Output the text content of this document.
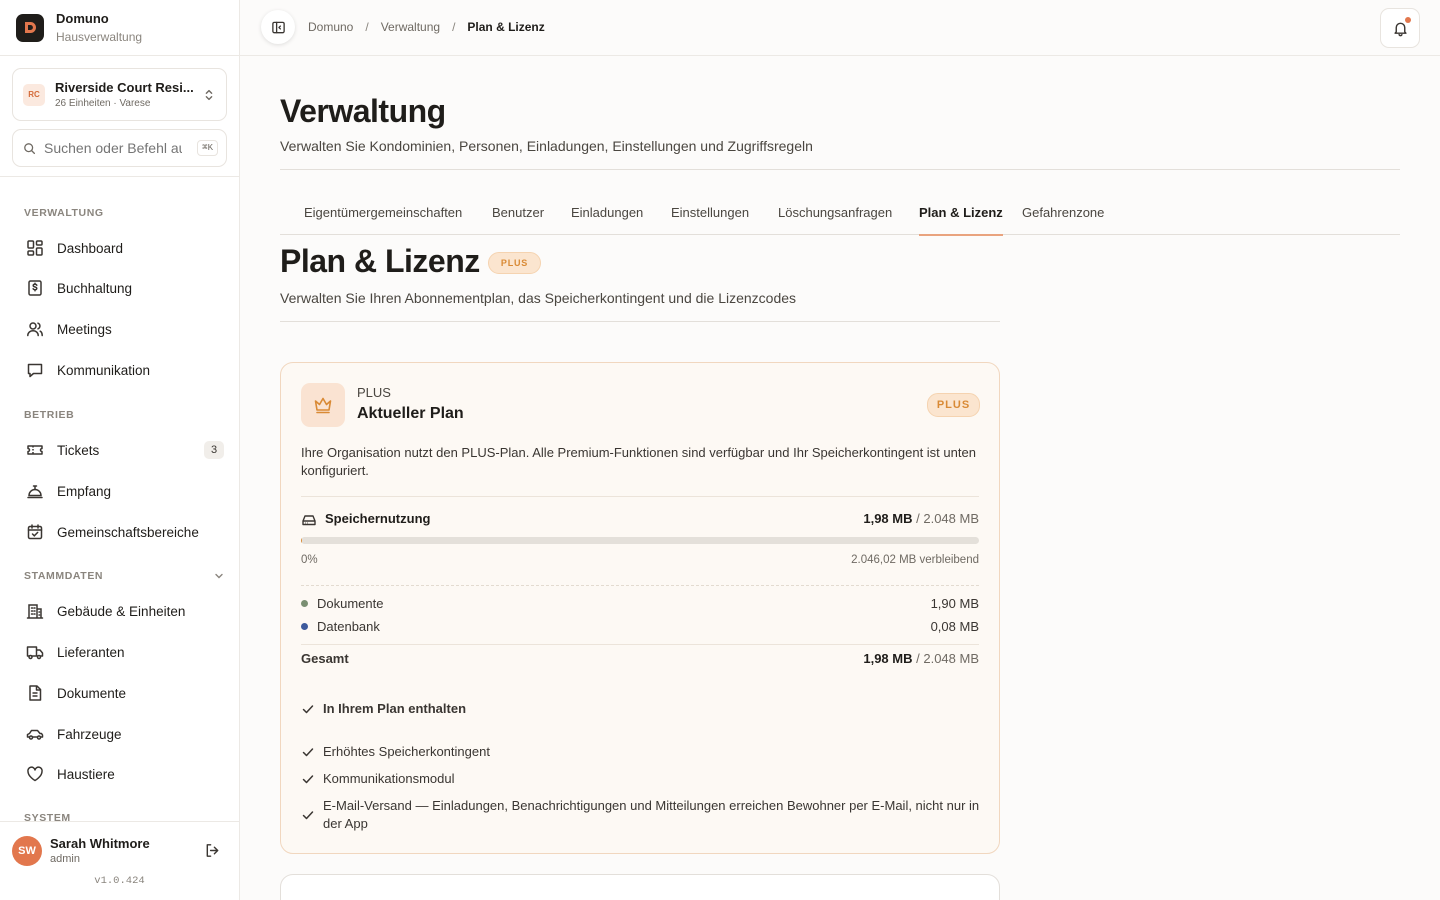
Domuno
Hausverwaltung
RC	Riverside Court Resi...
26 Einheiten · Varese
Suchen oder Befehl ausführen
⌘K
VERWALTUNG
Dashboard
Buchhaltung
Meetings
Kommunikation
BETRIEB
Tickets	3
Empfang
Gemeinschaftsbereiche
STAMMDATEN
Gebäude & Einheiten
Lieferanten
Dokumente
Fahrzeuge
Haustiere
SYSTEM
SW	Sarah Whitmore
admin
v1.0.424
Domuno / Verwaltung / Plan & Lizenz
Verwaltung

Verwalten Sie Kondominien, Personen, Einladungen, Einstellungen und Zugriffsregeln

Eigentümergemeinschaften Benutzer Einladungen Einstellungen Löschungsanfragen Plan & Lizenz Gefahrenzone
Plan & Lizenz	PLUS

Verwalten Sie Ihren Abonnementplan, das Speicherkontingent und die Lizenzcodes

PLUS
Aktueller Plan	PLUS

Ihre Organisation nutzt den PLUS-Plan. Alle Premium-Funktionen sind verfügbar und Ihr Speicherkontingent ist unten konfiguriert.

Speichernutzung	1,98 MB / 2.048 MB
0%	2.046,02 MB verbleibend
Dokumente	1,90 MB
Datenbank	0,08 MB
Gesamt	1,98 MB / 2.048 MB
In Ihrem Plan enthalten
Erhöhtes Speicherkontingent
Kommunikationsmodul
E-Mail-Versand — Einladungen, Benachrichtigungen und Mitteilungen erreichen Bewohner per E-Mail, nicht nur in der App
